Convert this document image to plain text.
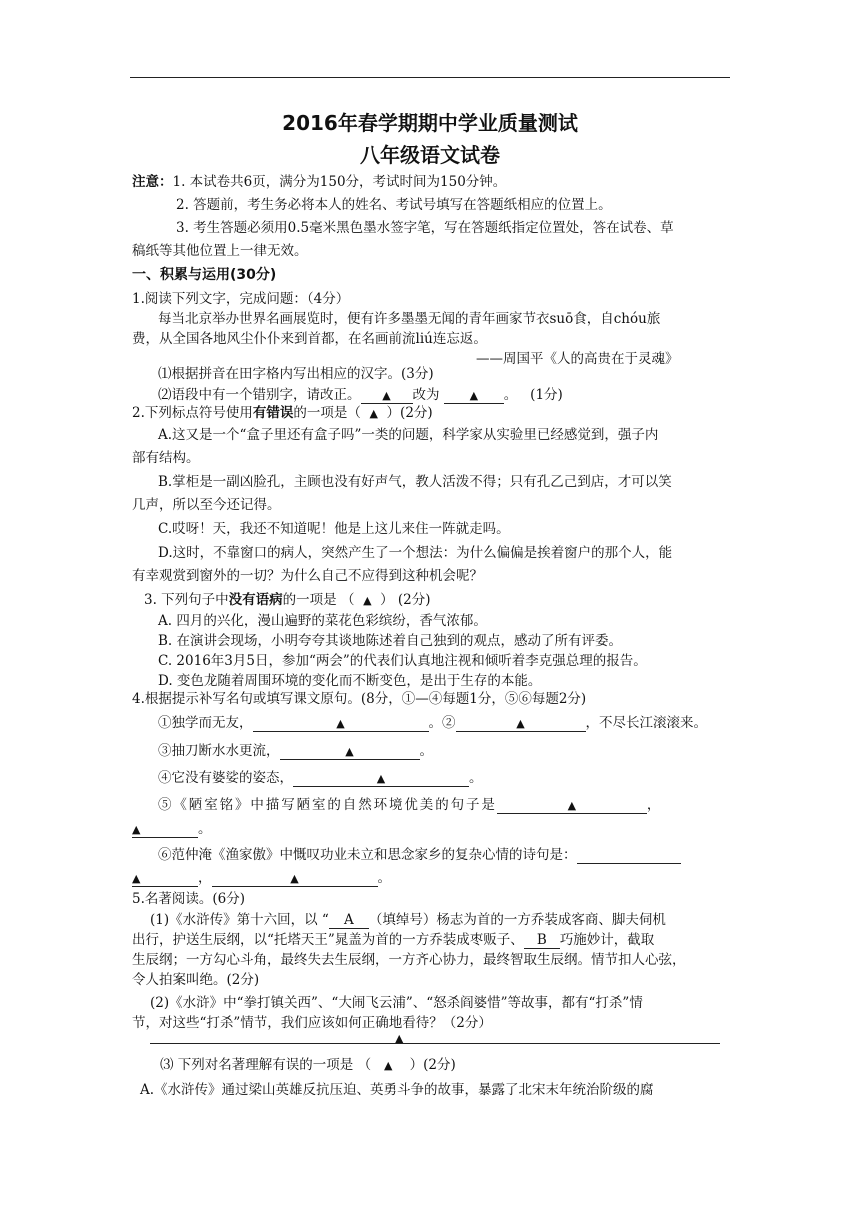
2016年春学期期中学业质量测试
八年级语文试卷
注意：1. 本试卷共6页，满分为150分，考试时间为150分钟。
2. 答题前，考生务必将本人的姓名、考试号填写在答题纸相应的位置上。
3. 考生答题必须用0.5毫米黑色墨水签字笔，写在答题纸指定位置处，答在试卷、草
稿纸等其他位置上一律无效。
一、积累与运用(30分)
1.阅读下列文字，完成问题：（4分）
每当北京举办世界名画展览时，便有许多墨墨无闻的青年画家节衣suō食，自chóu旅
费，从全国各地风尘仆仆来到首都，在名画前流liú连忘返。
——周国平《人的高贵在于灵魂》
⑴根据拼音在田字格内写出相应的汉字。(3分)
⑵语段中有一个错别字，请改正。 ▲ 改为	▲ 。 (1分)
2.下列标点符号使用有错误的一项是（ ▲ ）(2分)
A.这又是一个“盒子里还有盒子吗”一类的问题，科学家从实验里已经感觉到，强子内
部有结构。
B.掌柜是一副凶脸孔，主顾也没有好声气，教人活泼不得；只有孔乙己到店，才可以笑
几声，所以至今还记得。
C.哎呀！天，我还不知道呢！他是上这儿来住一阵就走吗。
D.这时，不靠窗口的病人，突然产生了一个想法：为什么偏偏是挨着窗户的那个人，能
有幸观赏到窗外的一切？为什么自己不应得到这种机会呢？
3. 下列句子中没有语病的一项是 （ ▲ ） (2分)
A. 四月的兴化，漫山遍野的菜花色彩缤纷，香气浓郁。
B. 在演讲会现场，小明夸夸其谈地陈述着自己独到的观点，感动了所有评委。
C. 2016年3月5日，参加“两会”的代表们认真地注视和倾听着李克强总理的报告。
D. 变色龙随着周围环境的变化而不断变色，是出于生存的本能。
4.根据提示补写名句或填写课文原句。(8分，①—④每题1分，⑤⑥每题2分)
①独学而无友，	▲	。②	▲	，不尽长江滚滚来。
③抽刀断水水更流，	▲	。
④它没有婆娑的姿态，	▲	。
⑤《陋室铭》中描写陋室的自然环境优美的句子是	▲	，
▲	。
⑥范仲淹《渔家傲》中慨叹功业未立和思念家乡的复杂心情的诗句是：
▲	，	▲	。
5.名著阅读。(6分)
(1)《水浒传》第十六回，以 “ A （填绰号）杨志为首的一方乔装成客商、脚夫伺机
出行，护送生辰纲，以“托塔天王”晁盖为首的一方乔装成枣贩子、 B 巧施妙计，截取
生辰纲；一方勾心斗角，最终失去生辰纲，一方齐心协力，最终智取生辰纲。情节扣人心弦，
令人拍案叫绝。(2分)
(2)《水浒》中“拳打镇关西”、“大闹飞云浦”、“怒杀阎婆惜”等故事，都有“打杀”情
节，对这些“打杀”情节，我们应该如何正确地看待？（2分）
▲
⑶ 下列对名著理解有误的一项是 （ ▲ ）(2分)
A.《水浒传》通过梁山英雄反抗压迫、英勇斗争的故事，暴露了北宋末年统治阶级的腐
